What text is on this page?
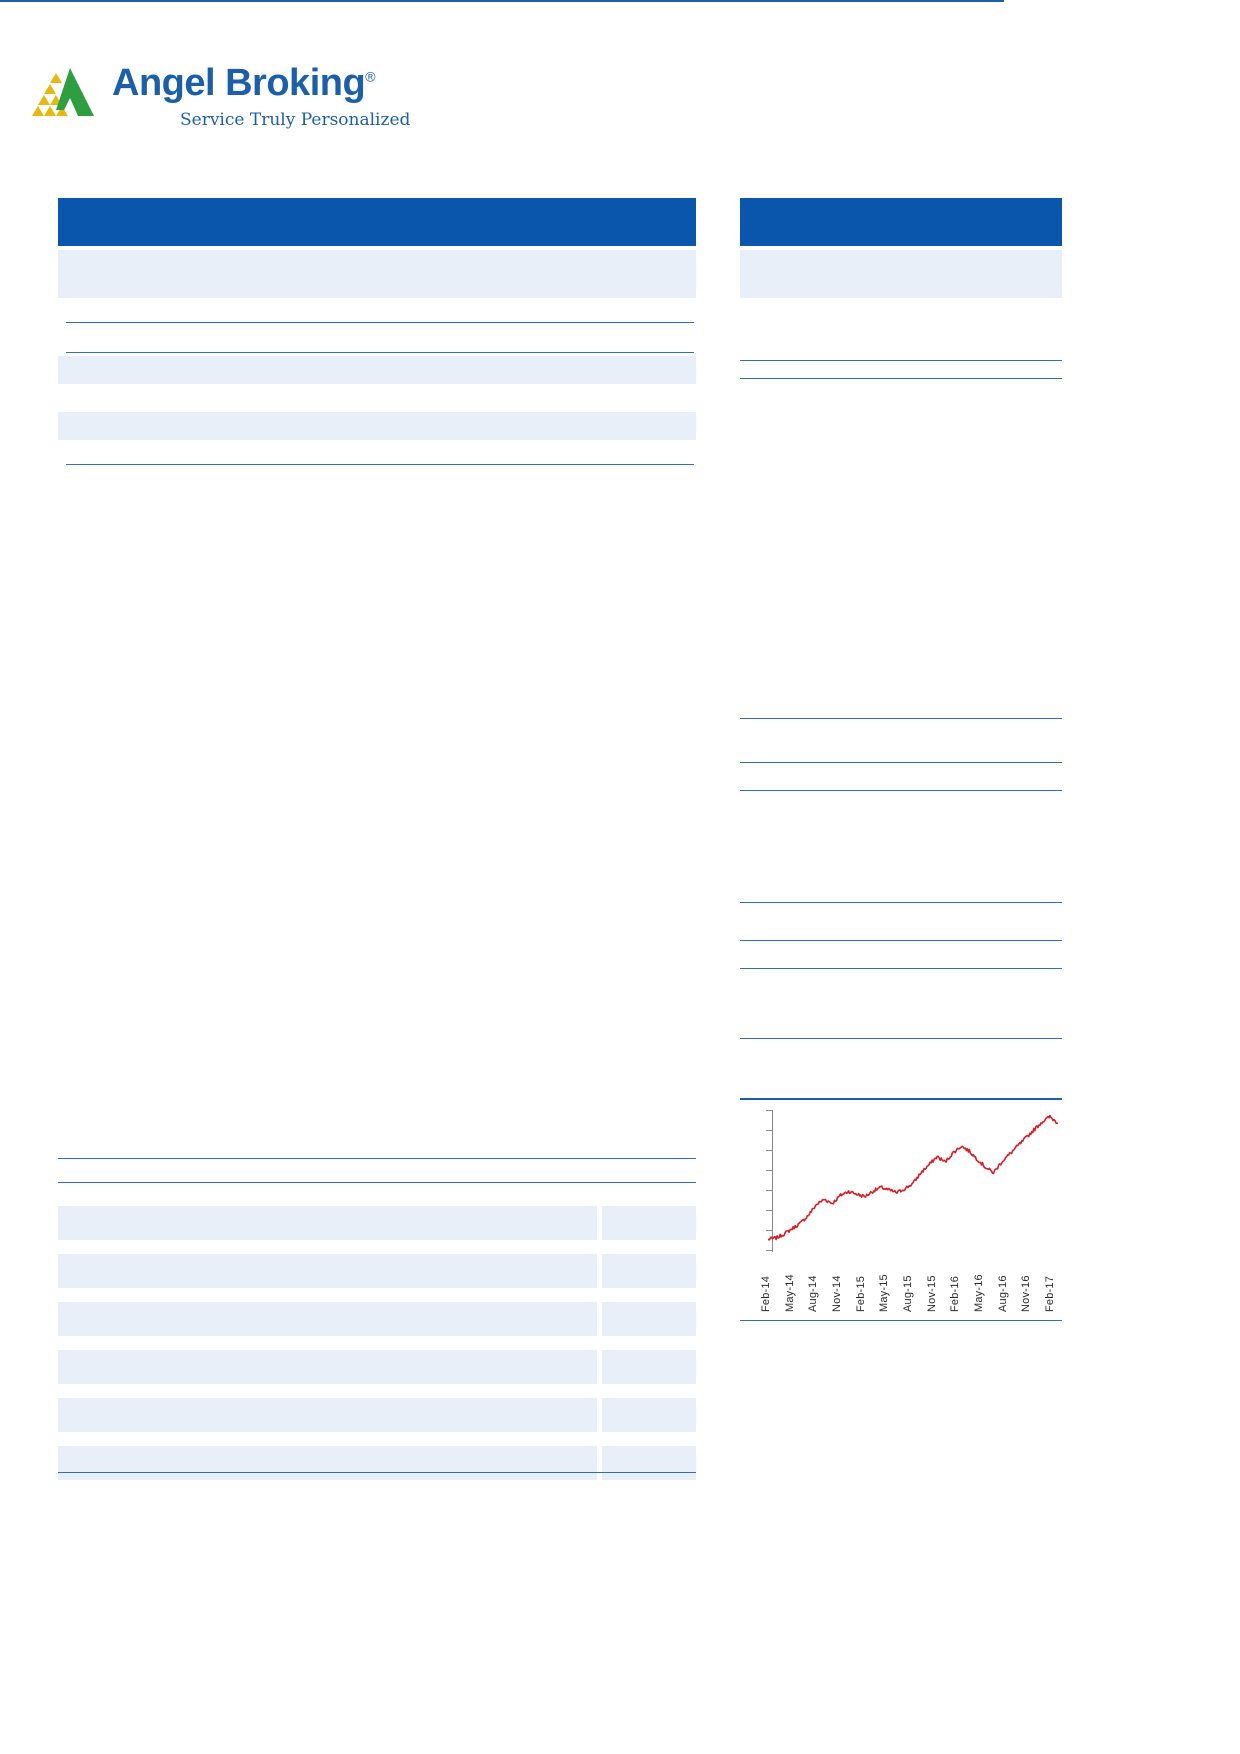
Angel Broking®
Service Truly Personalized
Feb-14 May-14 Aug-14 Nov-14 Feb-15 May-15 Aug-15 Nov-15 Feb-16 May-16 Aug-16 Nov-16 Feb-17
